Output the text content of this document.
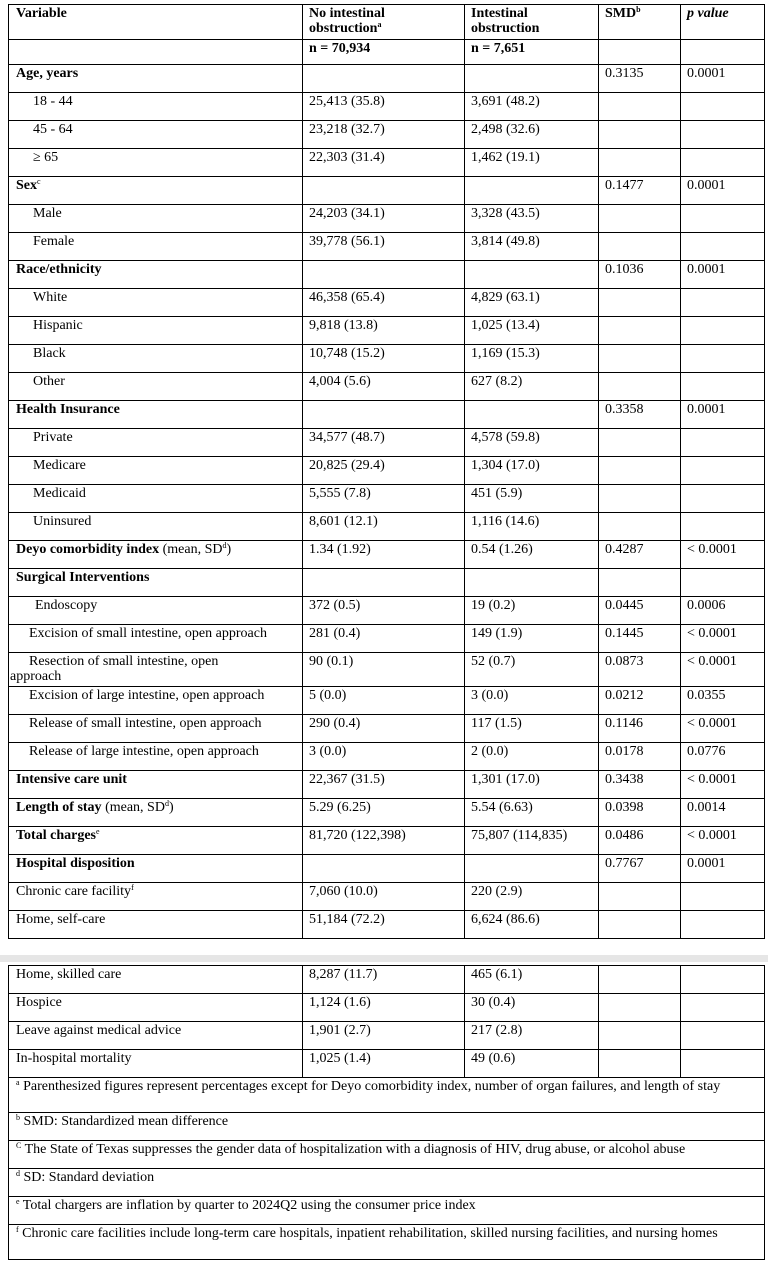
Variable	No intestinal obstruction$^a$	Intestinal obstruction	SMD$^b$	p value
	n = 70,934	n = 7,651		
Age, years			0.3135	0.0001
18 - 44	25,413 (35.8)	3,691 (48.2)		
45 - 64	23,218 (32.7)	2,498 (32.6)		
≥ 65	22,303 (31.4)	1,462 (19.1)		
Sex$^c$			0.1477	0.0001
Male	24,203 (34.1)	3,328 (43.5)		
Female	39,778 (56.1)	3,814 (49.8)		
Race/ethnicity			0.1036	0.0001
White	46,358 (65.4)	4,829 (63.1)		
Hispanic	9,818 (13.8)	1,025 (13.4)		
Black	10,748 (15.2)	1,169 (15.3)		
Other	4,004 (5.6)	627 (8.2)		
Health Insurance			0.3358	0.0001
Private	34,577 (48.7)	4,578 (59.8)		
Medicare	20,825 (29.4)	1,304 (17.0)		
Medicaid	5,555 (7.8)	451 (5.9)		
Uninsured	8,601 (12.1)	1,116 (14.6)		
Deyo comorbidity index (mean, $SD^d$)	1.34 (1.92)	0.54 (1.26)	0.4287	< 0.0001
Surgical Interventions				
Endoscopy	372 (0.5)	19 (0.2)	0.0445	0.0006
Excision of small intestine, open approach	281 (0.4)	149 (1.9)	0.1445	< 0.0001
Resection of small intestine, open
approach	90 (0.1)	52 (0.7)	0.0873	< 0.0001
Excision of large intestine, open approach	5 (0.0)	3 (0.0)	0.0212	0.0355
Release of small intestine, open approach	290 (0.4)	117 (1.5)	0.1146	< 0.0001
Release of large intestine, open approach	3 (0.0)	2 (0.0)	0.0178	0.0776
Intensive care unit	22,367 (31.5)	1,301 (17.0)	0.3438	< 0.0001
Length of stay (mean, $SD^d$)	5.29 (6.25)	5.54 (6.63)	0.0398	0.0014
Total charges$^e$	81,720 (122,398)	75,807 (114,835)	0.0486	< 0.0001
Hospital disposition			0.7767	0.0001
Chronic care facility$^f$	7,060 (10.0)	220 (2.9)		
Home, self-care	51,184 (72.2)	6,624 (86.6)		
Home, skilled care	8,287 (11.7)	465 (6.1)		
Hospice	1,124 (1.6)	30 (0.4)		
Leave against medical advice	1,901 (2.7)	217 (2.8)		
In-hospital mortality	1,025 (1.4)	49 (0.6)		
$^a$ Parenthesized figures represent percentages except for Deyo comorbidity index, number of organ failures, and length of stay				
$^b$ SMD: Standardized mean difference				
$^C$ The State of Texas suppresses the gender data of hospitalization with a diagnosis of HIV, drug abuse, or alcohol abuse				
$^d$ SD: Standard deviation				
$^e$ Total chargers are inflation by quarter to 2024Q2 using the consumer price index				
$^f$ Chronic care facilities include long-term care hospitals, inpatient rehabilitation, skilled nursing facilities, and nursing homes				
